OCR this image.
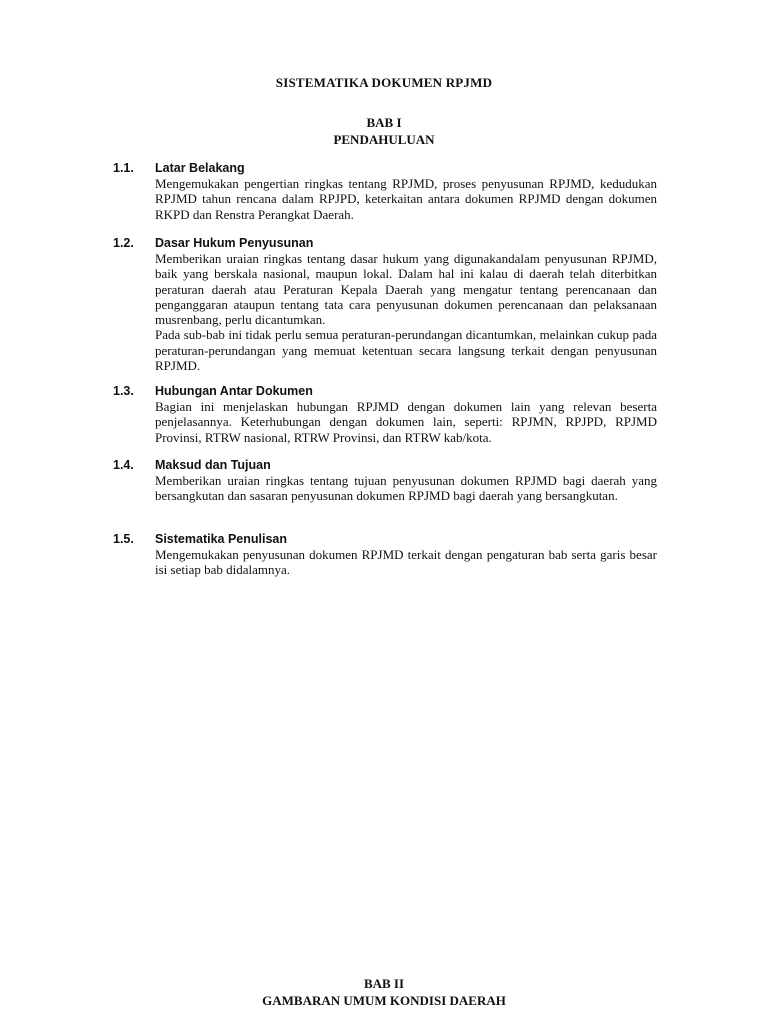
SISTEMATIKA DOKUMEN RPJMD
BAB I
PENDAHULUAN
1.1. Latar Belakang

Mengemukakan pengertian ringkas tentang RPJMD, proses penyusunan RPJMD, kedudukan RPJMD tahun rencana dalam RPJPD, keterkaitan antara dokumen RPJMD dengan dokumen RKPD dan Renstra Perangkat Daerah.

1.2. Dasar Hukum Penyusunan

Memberikan uraian ringkas tentang dasar hukum yang digunakandalam penyusunan RPJMD, baik yang berskala nasional, maupun lokal. Dalam hal ini kalau di daerah telah diterbitkan peraturan daerah atau Peraturan Kepala Daerah yang mengatur tentang perencanaan dan penganggaran ataupun tentang tata cara penyusunan dokumen perencanaan dan pelaksanaan musrenbang, perlu dicantumkan.

Pada sub-bab ini tidak perlu semua peraturan-perundangan dicantumkan, melainkan cukup pada peraturan-perundangan yang memuat ketentuan secara langsung terkait dengan penyusunan RPJMD.

1.3. Hubungan Antar Dokumen

Bagian ini menjelaskan hubungan RPJMD dengan dokumen lain yang relevan beserta penjelasannya. Keterhubungan dengan dokumen lain, seperti: RPJMN, RPJPD, RPJMD Provinsi, RTRW nasional, RTRW Provinsi, dan RTRW kab/kota.

1.4. Maksud dan Tujuan

Memberikan uraian ringkas tentang tujuan penyusunan dokumen RPJMD bagi daerah yang bersangkutan dan sasaran penyusunan dokumen RPJMD bagi daerah yang bersangkutan.

1.5. Sistematika Penulisan

Mengemukakan penyusunan dokumen RPJMD terkait dengan pengaturan bab serta garis besar isi setiap bab didalamnya.

BAB II
GAMBARAN UMUM KONDISI DAERAH
